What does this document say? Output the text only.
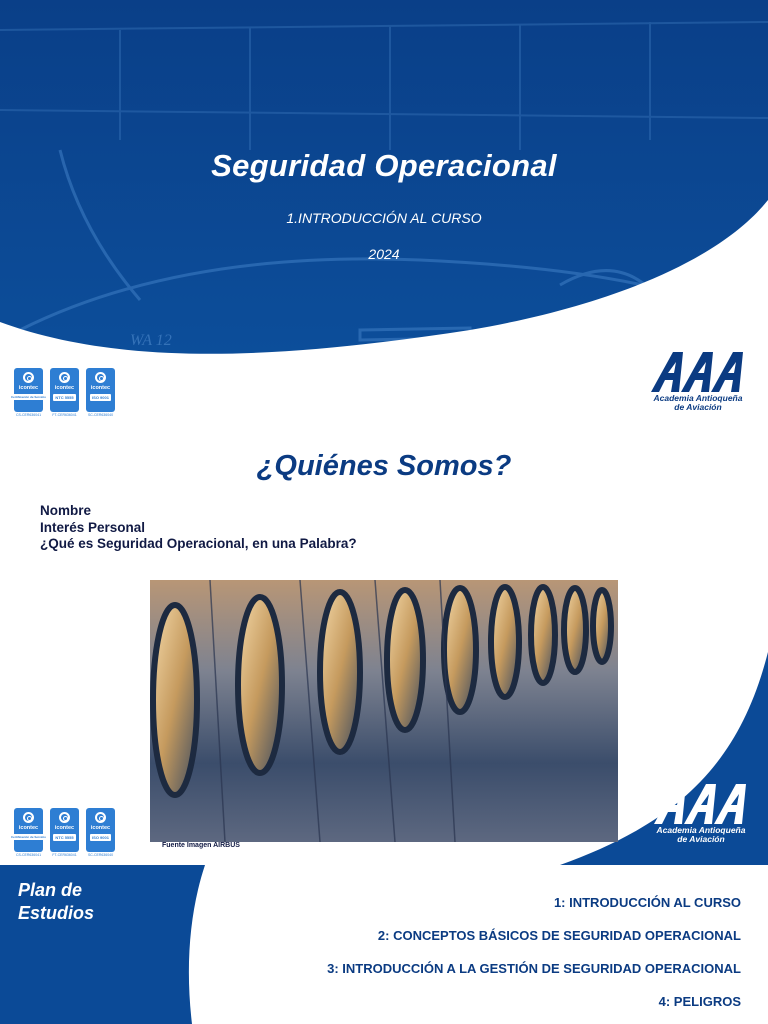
WA 12
Seguridad Operacional
1.INTRODUCCIÓN AL CURSO
2024
icontec
Certificación de Servicio
CS-CER636041
icontec
NTC 5555
FT-CER636041
icontec
ISO 9001
SC-CER636040
Academia Antioqueña
de Aviación
¿Quiénes Somos?
Nombre
Interés Personal
¿Qué es Seguridad Operacional, en una Palabra?
Fuente Imagen AIRBUS
icontec
Certificación de Servicio
CS-CER636041
icontec
NTC 5555
FT-CER636041
icontec
ISO 9001
SC-CER636040
Academia Antioqueña
de Aviación
Plan de
Estudios
1: INTRODUCCIÓN AL CURSO
2: CONCEPTOS BÁSICOS DE SEGURIDAD OPERACIONAL
3: INTRODUCCIÓN A LA GESTIÓN DE SEGURIDAD OPERACIONAL
4: PELIGROS
